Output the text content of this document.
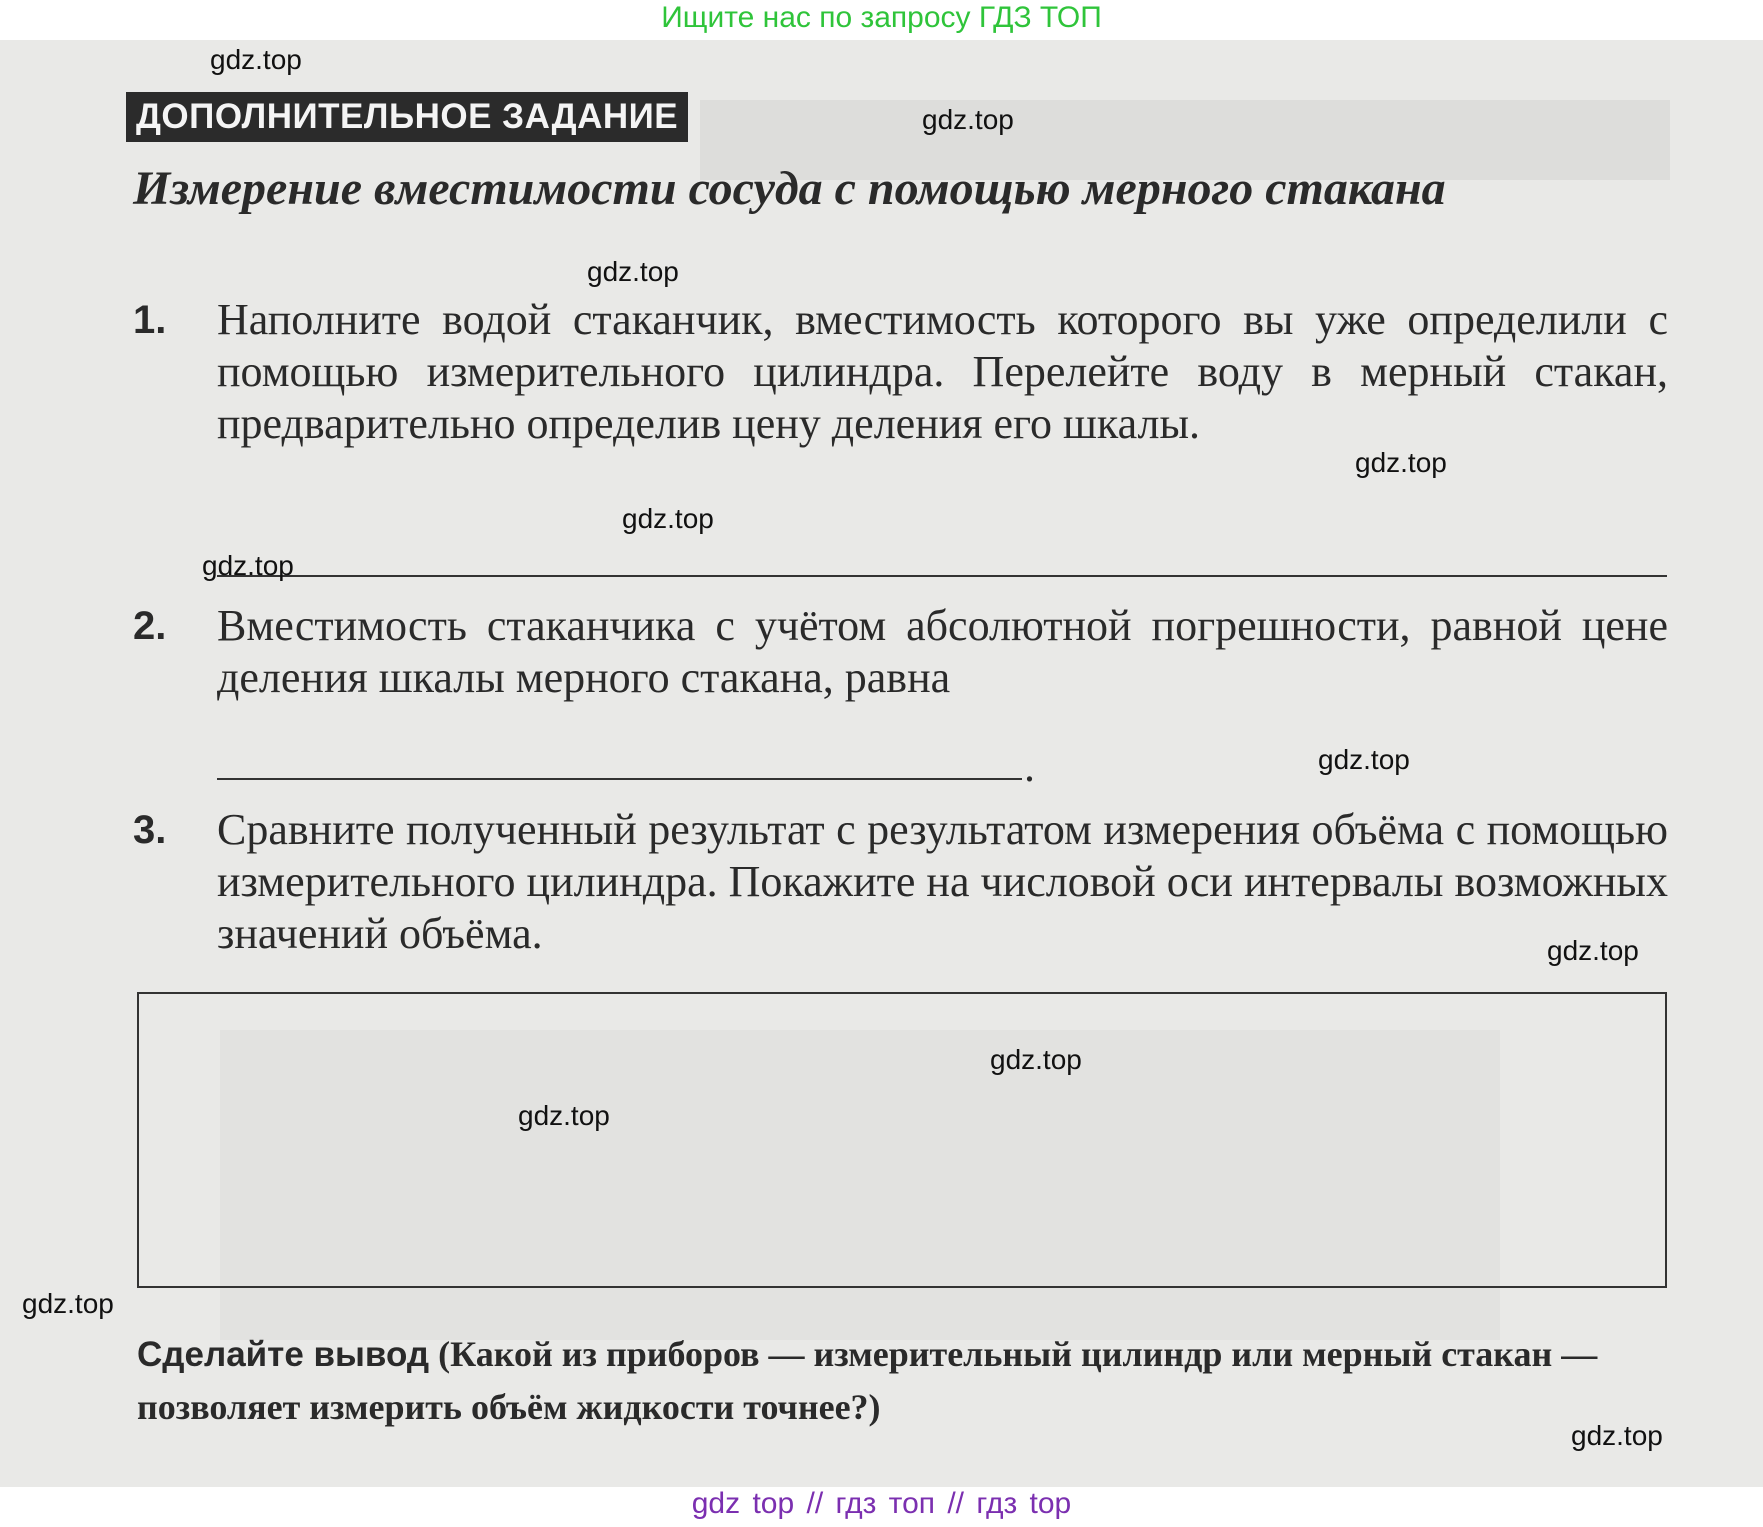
Ищите нас по запросу ГДЗ ТОП
ДОПОЛНИТЕЛЬНОЕ ЗАДАНИЕ
Измерение вместимости сосуда с помощью мерного стакана
1. Наполните водой стаканчик, вместимость которого вы уже определили с помощью измерительного цилиндра. Перелейте воду в мерный стакан, предварительно определив цену деления его шкалы.
2. Вместимость стаканчика с учётом абсолютной погрешности, равной цене деления шкалы мерного стакана, равна
.
3. Сравните полученный результат с результатом измерения объёма с помощью измерительного цилиндра. Покажите на числовой оси интервалы возможных значений объёма.
Сделайте вывод (Какой из приборов — измерительный цилиндр или мерный стакан — позволяет измерить объём жидкости точнее?)
gdz.top
gdz.top
gdz.top
gdz.top
gdz.top
gdz.top
gdz.top
gdz.top
gdz.top
gdz.top
gdz.top
gdz.top
gdz top // гдз топ // гдз top
